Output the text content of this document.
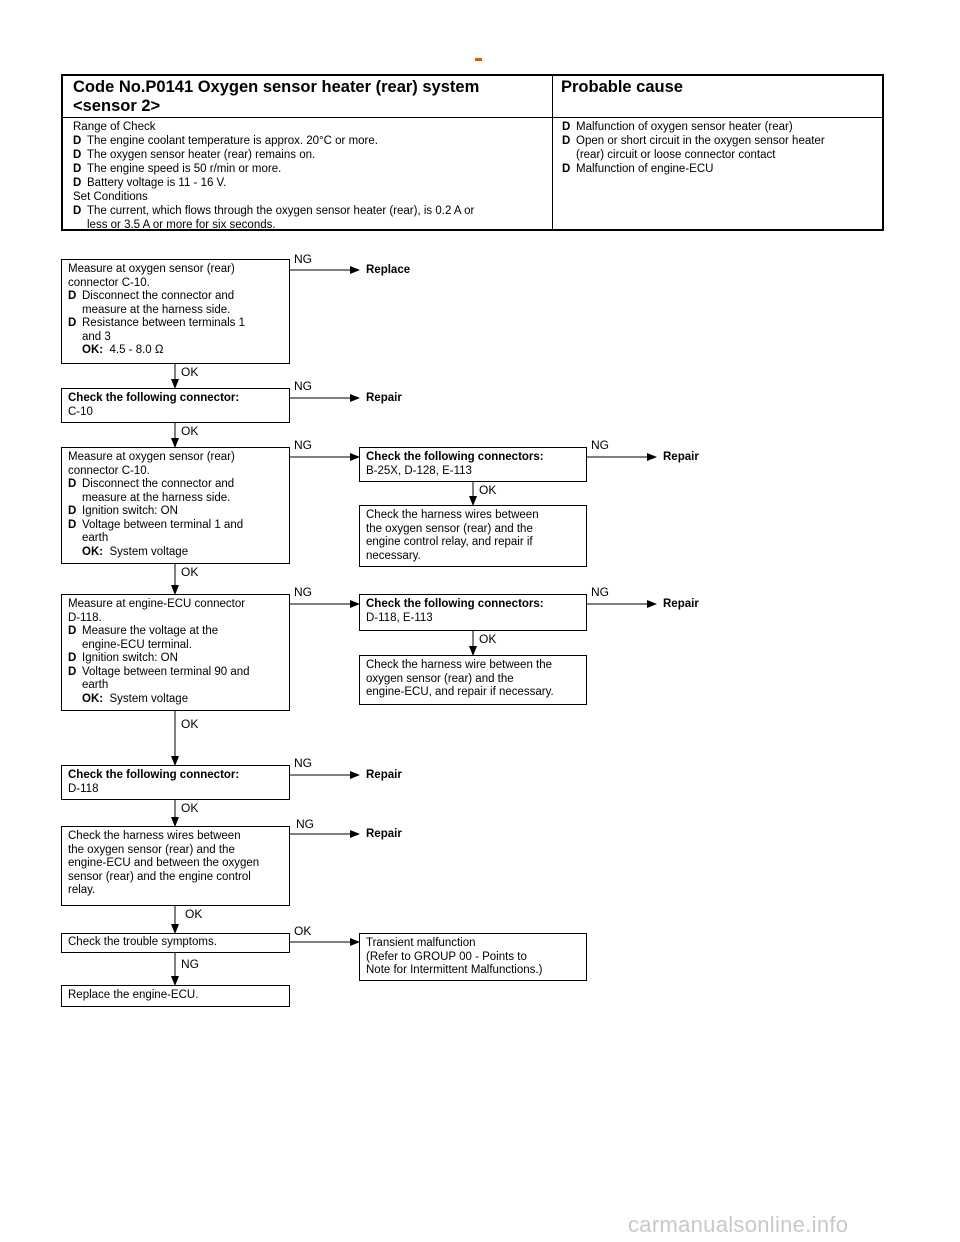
Code No.P0141 Oxygen sensor heater (rear) system
<sensor 2>
Range of Check
D The engine coolant temperature is approx. 20°C or more.
D The oxygen sensor heater (rear) remains on.
D The engine speed is 50 r/min or more.
D Battery voltage is 11 - 16 V.
Set Conditions
D The current, which flows through the oxygen sensor heater (rear), is 0.2 A or
less or 3.5 A or more for six seconds.
Probable cause
D Malfunction of oxygen sensor heater (rear)
D Open or short circuit in the oxygen sensor heater
(rear) circuit or loose connector contact
D Malfunction of engine-ECU
Measure at oxygen sensor (rear)
connector C-10.
D Disconnect the connector and
measure at the harness side.
D Resistance between terminals 1
and 3
OK: 4.5 - 8.0 Ω
NG
Replace
OK
Check the following connector:
C-10
NG
Repair
OK
Measure at oxygen sensor (rear)
connector C-10.
D Disconnect the connector and
measure at the harness side.
D Ignition switch: ON
D Voltage between terminal 1 and
earth
OK: System voltage
NG
OK
Check the following connectors:
B-25X, D-128, E-113
NG
Repair
OK
Check the harness wires between
the oxygen sensor (rear) and the
engine control relay, and repair if
necessary.
Measure at engine-ECU connector
D-118.
D Measure the voltage at the
engine-ECU terminal.
D Ignition switch: ON
D Voltage between terminal 90 and
earth
OK: System voltage
NG
OK
Check the following connectors:
D-118, E-113
NG
Repair
OK
Check the harness wire between the
oxygen sensor (rear) and the
engine-ECU, and repair if necessary.
Check the following connector:
D-118
NG
Repair
OK
Check the harness wires between
the oxygen sensor (rear) and the
engine-ECU and between the oxygen
sensor (rear) and the engine control
relay.
NG
Repair
OK
Check the trouble symptoms.
OK
NG
Transient malfunction
(Refer to GROUP 00 - Points to
Note for Intermittent Malfunctions.)
Replace the engine-ECU.
carmanualsonline.info
